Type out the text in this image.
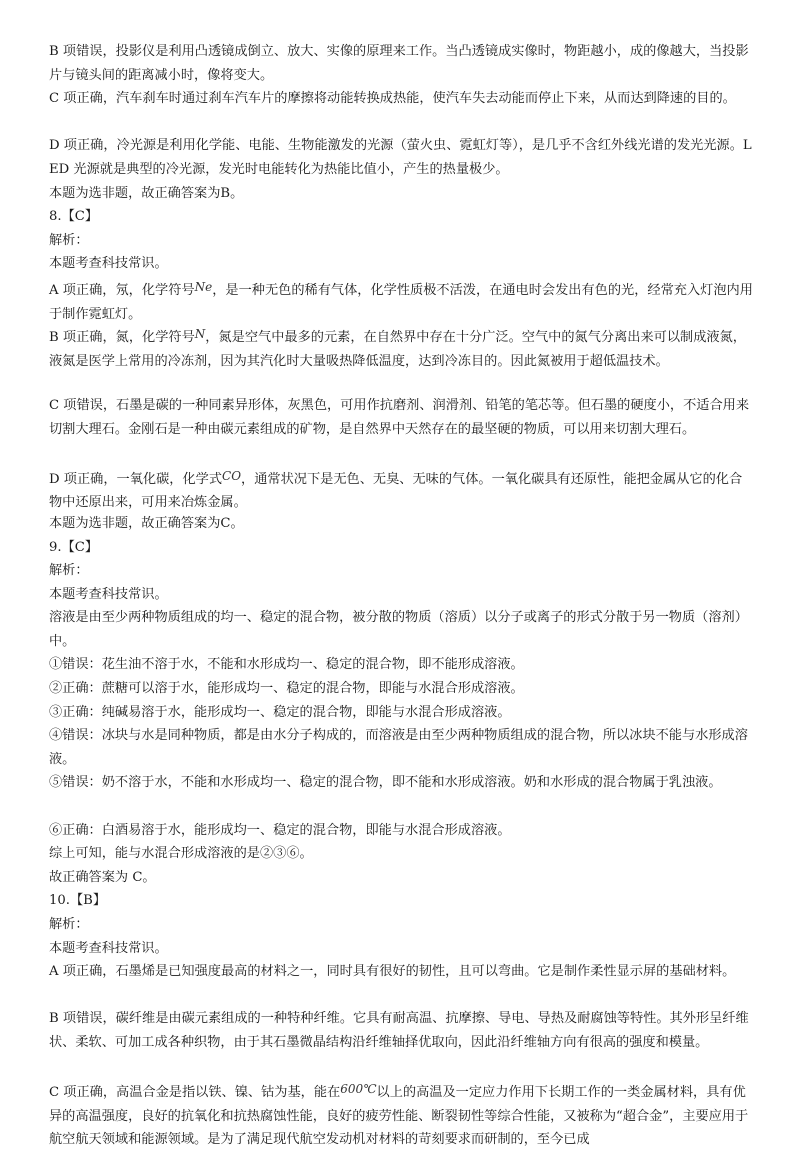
B 项错误，投影仪是利用凸透镜成倒立、放大、实像的原理来工作。当凸透镜成实像时，物距越小，成的像越大，当投影片与镜头间的距离减小时，像将变大。

C 项正确，汽车刹车时通过刹车汽车片的摩擦将动能转换成热能，使汽车失去动能而停止下来，从而达到降速的目的。

D 项正确，冷光源是利用化学能、电能、生物能激发的光源（萤火虫、霓虹灯等），是几乎不含红外线光谱的发光光源。LED 光源就是典型的冷光源，发光时电能转化为热能比值小，产生的热量极少。

本题为选非题，故正确答案为B。

8.【C】

解析：

本题考查科技常识。

A 项正确，氖，化学符号Ne，是一种无色的稀有气体，化学性质极不活泼，在通电时会发出有色的光，经常充入灯泡内用于制作霓虹灯。

B 项正确，氮，化学符号N，氮是空气中最多的元素，在自然界中存在十分广泛。空气中的氮气分离出来可以制成液氮，液氮是医学上常用的冷冻剂，因为其汽化时大量吸热降低温度，达到冷冻目的。因此氮被用于超低温技术。

C 项错误，石墨是碳的一种同素异形体，灰黑色，可用作抗磨剂、润滑剂、铅笔的笔芯等。但石墨的硬度小，不适合用来切割大理石。金刚石是一种由碳元素组成的矿物，是自然界中天然存在的最坚硬的物质，可以用来切割大理石。

D 项正确，一氧化碳，化学式CO，通常状况下是无色、无臭、无味的气体。一氧化碳具有还原性，能把金属从它的化合物中还原出来，可用来冶炼金属。

本题为选非题，故正确答案为C。

9.【C】

解析：

本题考查科技常识。

溶液是由至少两种物质组成的均一、稳定的混合物，被分散的物质（溶质）以分子或离子的形式分散于另一物质（溶剂）中。

①错误：花生油不溶于水，不能和水形成均一、稳定的混合物，即不能形成溶液。

②正确：蔗糖可以溶于水，能形成均一、稳定的混合物，即能与水混合形成溶液。

③正确：纯碱易溶于水，能形成均一、稳定的混合物，即能与水混合形成溶液。

④错误：冰块与水是同种物质，都是由水分子构成的，而溶液是由至少两种物质组成的混合物，所以冰块不能与水形成溶液。

⑤错误：奶不溶于水，不能和水形成均一、稳定的混合物，即不能和水形成溶液。奶和水形成的混合物属于乳浊液。

⑥正确：白酒易溶于水，能形成均一、稳定的混合物，即能与水混合形成溶液。

综上可知，能与水混合形成溶液的是②③⑥。

故正确答案为 C。

10.【B】

解析：

本题考查科技常识。

A 项正确，石墨烯是已知强度最高的材料之一，同时具有很好的韧性，且可以弯曲。它是制作柔性显示屏的基础材料。

B 项错误，碳纤维是由碳元素组成的一种特种纤维。它具有耐高温、抗摩擦、导电、导热及耐腐蚀等特性。其外形呈纤维状、柔软、可加工成各种织物，由于其石墨微晶结构沿纤维轴择优取向，因此沿纤维轴方向有很高的强度和模量。

C 项正确，高温合金是指以铁、镍、钴为基，能在600℃以上的高温及一定应力作用下长期工作的一类金属材料，具有优异的高温强度，良好的抗氧化和抗热腐蚀性能，良好的疲劳性能、断裂韧性等综合性能，又被称为“超合金”，主要应用于航空航天领域和能源领域。是为了满足现代航空发动机对材料的苛刻要求而研制的，至今已成
